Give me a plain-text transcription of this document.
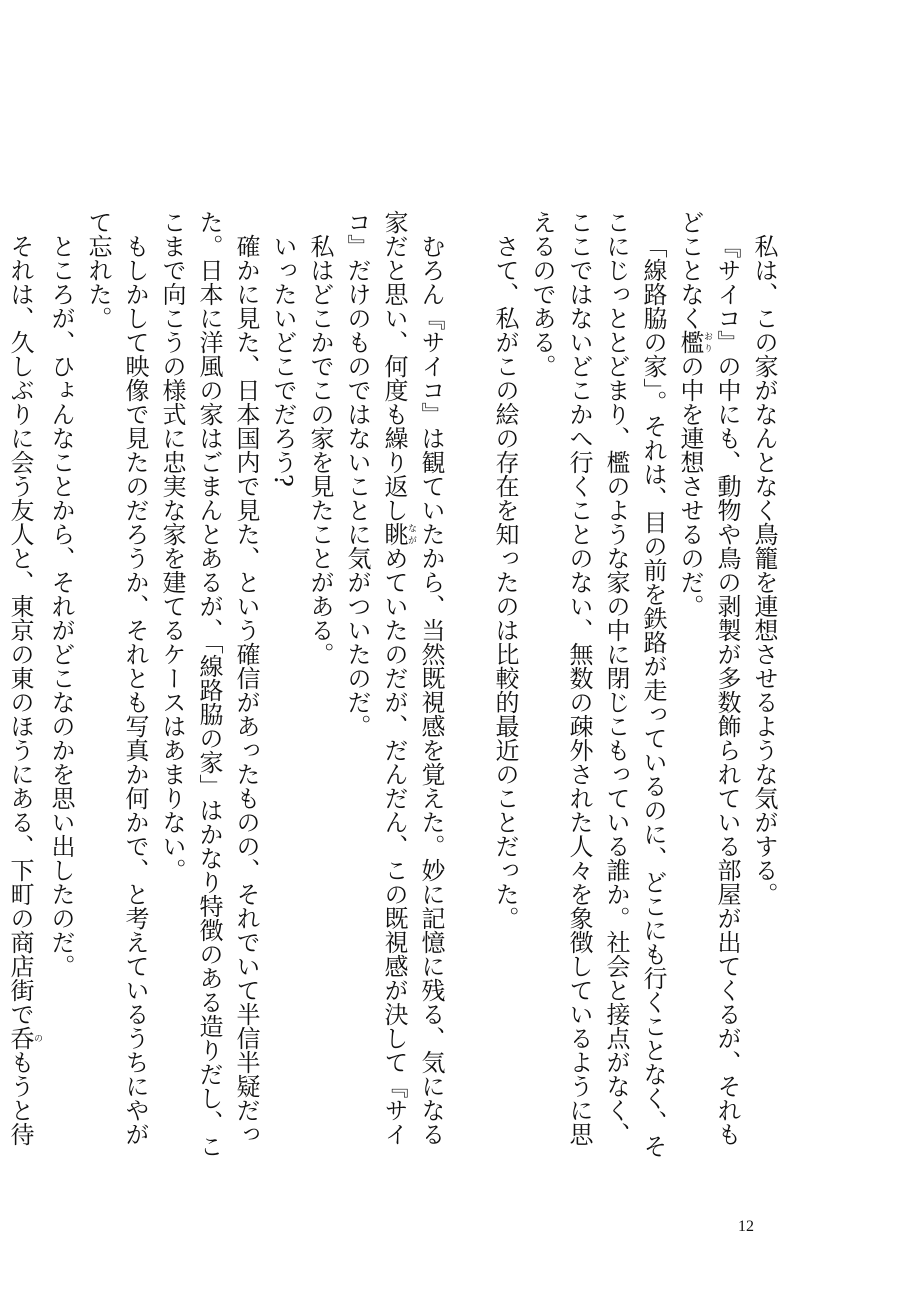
私は、この家がなんとなく鳥籠を連想させるような気がする。

『サイコ』の中にも、動物や鳥の剥製が多数飾られている部屋が出てくるが、それもどことなく檻おりの中を連想させるのだ。

「線路脇の家」。それは、目の前を鉄路が走っているのに、どこにも行くことなく、そこにじっととどまり、檻のような家の中に閉じこもっている誰か。社会と接点がなく、ここではないどこかへ行くことのない、無数の疎外された人々を象徴しているように思えるのである。

さて、私がこの絵の存在を知ったのは比較的最近のことだった。

むろん『サイコ』は観ていたから、当然既視感を覚えた。妙に記憶に残る、気になる家だと思い、何度も繰り返し眺ながめていたのだが、だんだん、この既視感が決して『サイコ』だけのものではないことに気がついたのだ。

私はどこかでこの家を見たことがある。

いったいどこでだろう?

確かに見た、日本国内で見た、という確信があったものの、それでいて半信半疑だった。日本に洋風の家はごまんとあるが、「線路脇の家」はかなり特徴のある造りだし、ここまで向こうの様式に忠実な家を建てるケースはあまりない。

もしかして映像で見たのだろうか、それとも写真か何かで、と考えているうちにやがて忘れた。

ところが、ひょんなことから、それがどこなのかを思い出したのだ。

それは、久しぶりに会う友人と、東京の東のほうにある、下町の商店街で呑のもうと待

12
